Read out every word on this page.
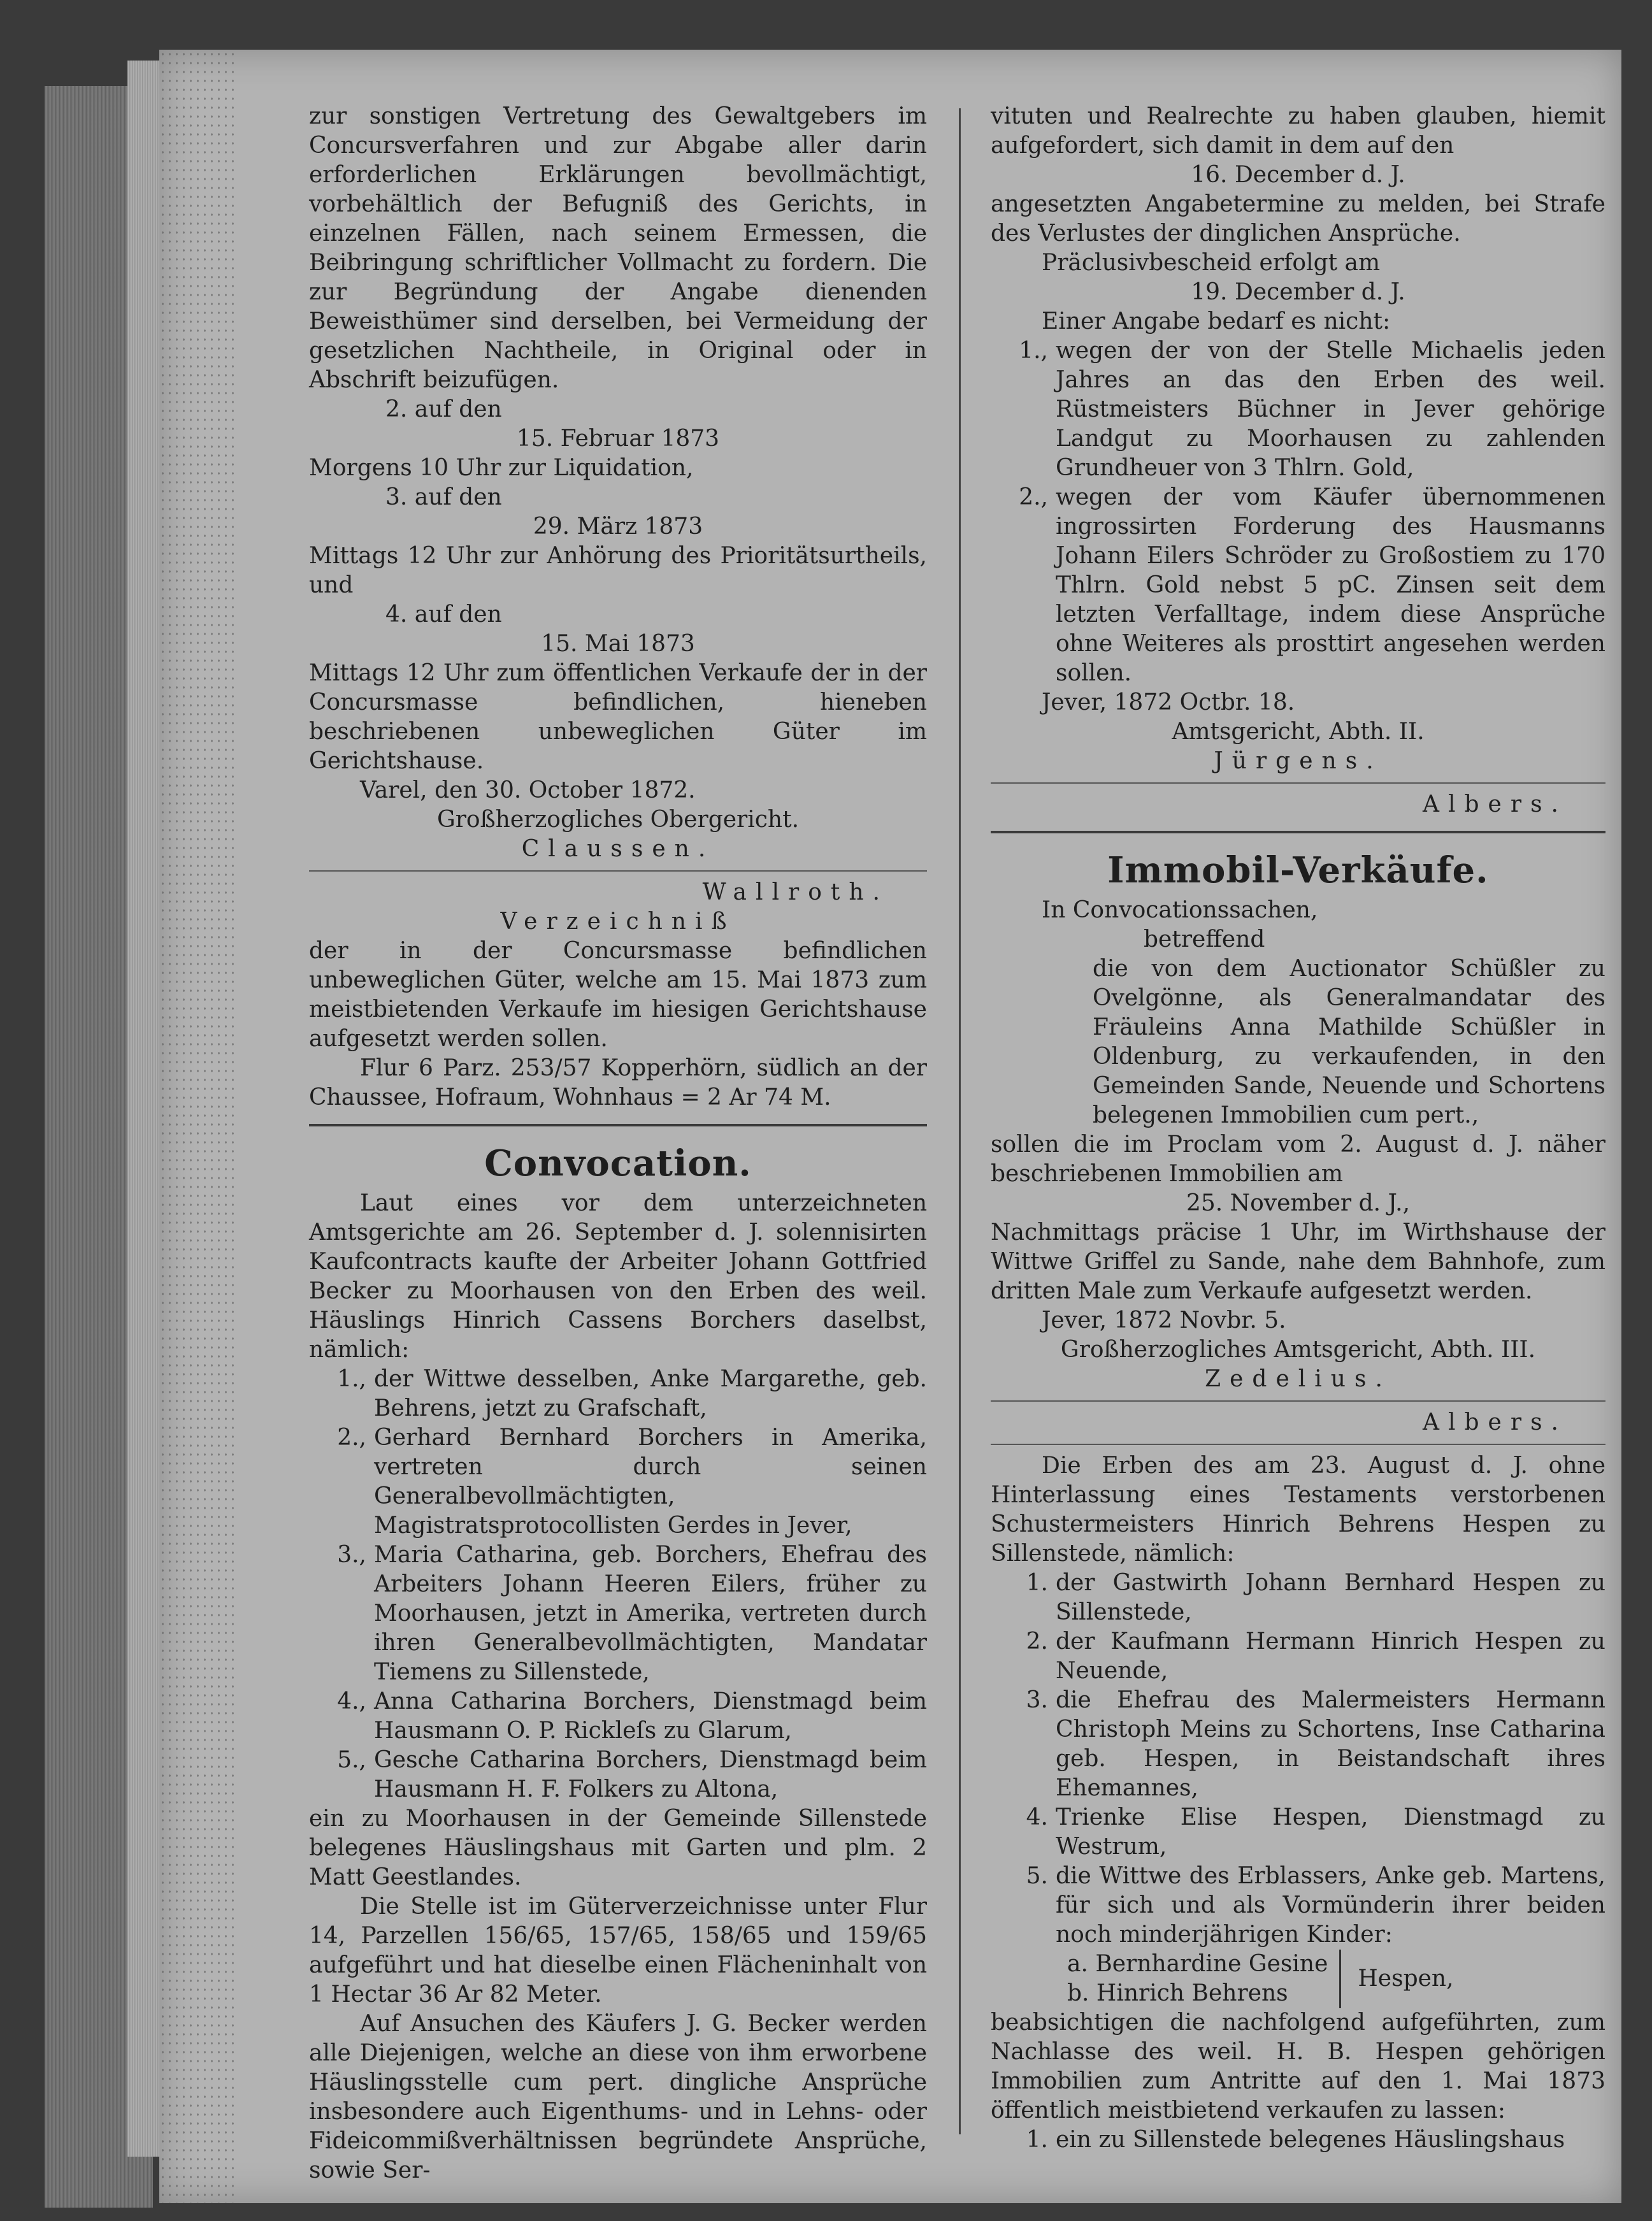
zur sonstigen Vertretung des Gewaltgebers im Concursverfahren und zur Abgabe aller darin erforderlichen Erklärungen bevollmächtigt, vorbehältlich der Befugniß des Gerichts, in einzelnen Fällen, nach seinem Ermessen, die Beibringung schriftlicher Vollmacht zu fordern. Die zur Begründung der Angabe dienenden Beweisthümer sind derselben, bei Vermeidung der gesetzlichen Nachtheile, in Original oder in Abschrift beizufügen.

2. auf den

15. Februar 1873

Morgens 10 Uhr zur Liquidation,

3. auf den

29. März 1873

Mittags 12 Uhr zur Anhörung des Prioritätsurtheils, und

4. auf den

15. Mai 1873

Mittags 12 Uhr zum öffentlichen Verkaufe der in der Concursmasse befindlichen, hieneben beschriebenen unbeweglichen Güter im Gerichtshause.

Varel, den 30. October 1872.

Großherzogliches Obergericht.

Claussen.

Wallroth.

Verzeichniß

der in der Concursmasse befindlichen unbeweglichen Güter, welche am 15. Mai 1873 zum meistbietenden Verkaufe im hiesigen Gerichtshause aufgesetzt werden sollen.

Flur 6 Parz. 253/57 Kopperhörn, südlich an der Chaussee, Hofraum, Wohnhaus = 2 Ar 74 M.

Convocation.

Laut eines vor dem unterzeichneten Amtsgerichte am 26. September d. J. solennisirten Kaufcontracts kaufte der Arbeiter Johann Gottfried Becker zu Moorhausen von den Erben des weil. Häuslings Hinrich Cassens Borchers daselbst, nämlich:

1., der Wittwe desselben, Anke Margarethe, geb. Behrens, jetzt zu Grafschaft,
2., Gerhard Bernhard Borchers in Amerika, vertreten durch seinen Generalbevollmächtigten, Magistratsprotocollisten Gerdes in Jever,
3., Maria Catharina, geb. Borchers, Ehefrau des Arbeiters Johann Heeren Eilers, früher zu Moorhausen, jetzt in Amerika, vertreten durch ihren Generalbevollmächtigten, Mandatar Tiemens zu Sillenstede,
4., Anna Catharina Borchers, Dienstmagd beim Hausmann O. P. Rickleſs zu Glarum,
5., Gesche Catharina Borchers, Dienstmagd beim Hausmann H. F. Folkers zu Altona,

ein zu Moorhausen in der Gemeinde Sillenstede belegenes Häuslingshaus mit Garten und plm. 2 Matt Geestlandes.

Die Stelle ist im Güterverzeichnisse unter Flur 14, Parzellen 156/65, 157/65, 158/65 und 159/65 aufgeführt und hat dieselbe einen Flächeninhalt von 1 Hectar 36 Ar 82 Meter.

Auf Ansuchen des Käufers J. G. Becker werden alle Diejenigen, welche an diese von ihm erworbene Häuslingsstelle cum pert. dingliche Ansprüche insbesondere auch Eigenthums- und in Lehns- oder Fideicommißverhältnissen begründete Ansprüche, sowie Ser-

vituten und Realrechte zu haben glauben, hiemit aufgefordert, sich damit in dem auf den

16. December d. J.

angesetzten Angabetermine zu melden, bei Strafe des Verlustes der dinglichen Ansprüche.

Präclusivbescheid erfolgt am

19. December d. J.

Einer Angabe bedarf es nicht:

1., wegen der von der Stelle Michaelis jeden Jahres an das den Erben des weil. Rüstmeisters Büchner in Jever gehörige Landgut zu Moorhausen zu zahlenden Grundheuer von 3 Thlrn. Gold,
2., wegen der vom Käufer übernommenen ingrossirten Forderung des Hausmanns Johann Eilers Schröder zu Großostiem zu 170 Thlrn. Gold nebst 5 pC. Zinsen seit dem letzten Verfalltage, indem diese Ansprüche ohne Weiteres als prosttirt angesehen werden sollen.

Jever, 1872 Octbr. 18.

Amtsgericht, Abth. II.

Jürgens.

Albers.

Immobil-Verkäufe.

In Convocationssachen,

betreffend

die von dem Auctionator Schüßler zu Ovelgönne, als Generalmandatar des Fräuleins Anna Mathilde Schüßler in Oldenburg, zu verkaufenden, in den Gemeinden Sande, Neuende und Schortens belegenen Immobilien cum pert.,

sollen die im Proclam vom 2. August d. J. näher beschriebenen Immobilien am

25. November d. J.,

Nachmittags präcise 1 Uhr, im Wirthshause der Wittwe Griffel zu Sande, nahe dem Bahnhofe, zum dritten Male zum Verkaufe aufgesetzt werden.

Jever, 1872 Novbr. 5.

Großherzogliches Amtsgericht, Abth. III.

Zedelius.

Albers.

Die Erben des am 23. August d. J. ohne Hinterlassung eines Testaments verstorbenen Schustermeisters Hinrich Behrens Hespen zu Sillenstede, nämlich:

1. der Gastwirth Johann Bernhard Hespen zu Sillenstede,
2. der Kaufmann Hermann Hinrich Hespen zu Neuende,
3. die Ehefrau des Malermeisters Hermann Christoph Meins zu Schortens, Inse Catharina geb. Hespen, in Beistandschaft ihres Ehemannes,
4. Trienke Elise Hespen, Dienstmagd zu Westrum,
5. die Wittwe des Erblassers, Anke geb. Martens, für sich und als Vormünderin ihrer beiden noch minderjährigen Kinder:
a. Bernhardine Gesine
b. Hinrich Behrens
Hespen,

beabsichtigen die nachfolgend aufgeführten, zum Nachlasse des weil. H. B. Hespen gehörigen Immobilien zum Antritte auf den 1. Mai 1873 öffentlich meistbietend verkaufen zu lassen:

1. ein zu Sillenstede belegenes Häuslingshaus
